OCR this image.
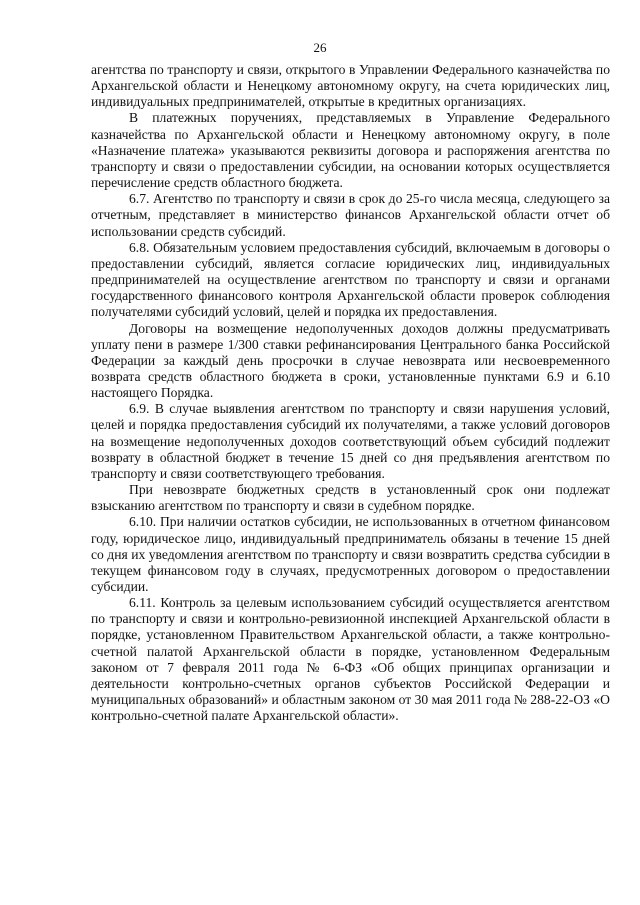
26

агентства по транспорту и связи, открытого в Управлении Федерального казначейства по Архангельской области и Ненецкому автономному округу, на счета юридических лиц, индивидуальных предпринимателей, открытые в кредитных организациях.

В платежных поручениях, представляемых в Управление Федерального казначейства по Архангельской области и Ненецкому автономному округу, в поле «Назначение платежа» указываются реквизиты договора и распоряжения агентства по транспорту и связи о предоставлении субсидии, на основании которых осуществляется перечисление средств областного бюджета.

6.7. Агентство по транспорту и связи в срок до 25-го числа месяца, следующего за отчетным, представляет в министерство финансов Архангельской области отчет об использовании средств субсидий.

6.8. Обязательным условием предоставления субсидий, включаемым в договоры о предоставлении субсидий, является согласие юридических лиц, индивидуальных предпринимателей на осуществление агентством по транспорту и связи и органами государственного финансового контроля Архангельской области проверок соблюдения получателями субсидий условий, целей и порядка их предоставления.

Договоры на возмещение недополученных доходов должны предусматривать уплату пени в размере 1/300 ставки рефинансирования Центрального банка Российской Федерации за каждый день просрочки в случае невозврата или несвоевременного возврата средств областного бюджета в сроки, установленные пунктами 6.9 и 6.10 настоящего Порядка.

6.9. В случае выявления агентством по транспорту и связи нарушения условий, целей и порядка предоставления субсидий их получателями, а также условий договоров на возмещение недополученных доходов соответствующий объем субсидий подлежит возврату в областной бюджет в течение 15 дней со дня предъявления агентством по транспорту и связи соответствующего требования.

При невозврате бюджетных средств в установленный срок они подлежат взысканию агентством по транспорту и связи в судебном порядке.

6.10. При наличии остатков субсидии, не использованных в отчетном финансовом году, юридическое лицо, индивидуальный предприниматель обязаны в течение 15 дней со дня их уведомления агентством по транспорту и связи возвратить средства субсидии в текущем финансовом году в случаях, предусмотренных договором о предоставлении субсидии.

6.11. Контроль за целевым использованием субсидий осуществляется агентством по транспорту и связи и контрольно-ревизионной инспекцией Архангельской области в порядке, установленном Правительством Архангельской области, а также контрольно-счетной палатой Архангельской области в порядке, установленном Федеральным законом от 7 февраля 2011 года № 6-ФЗ «Об общих принципах организации и деятельности контрольно-счетных органов субъектов Российской Федерации и муниципальных образований» и областным законом от 30 мая 2011 года № 288-22-ОЗ «О контрольно-счетной палате Архангельской области».
